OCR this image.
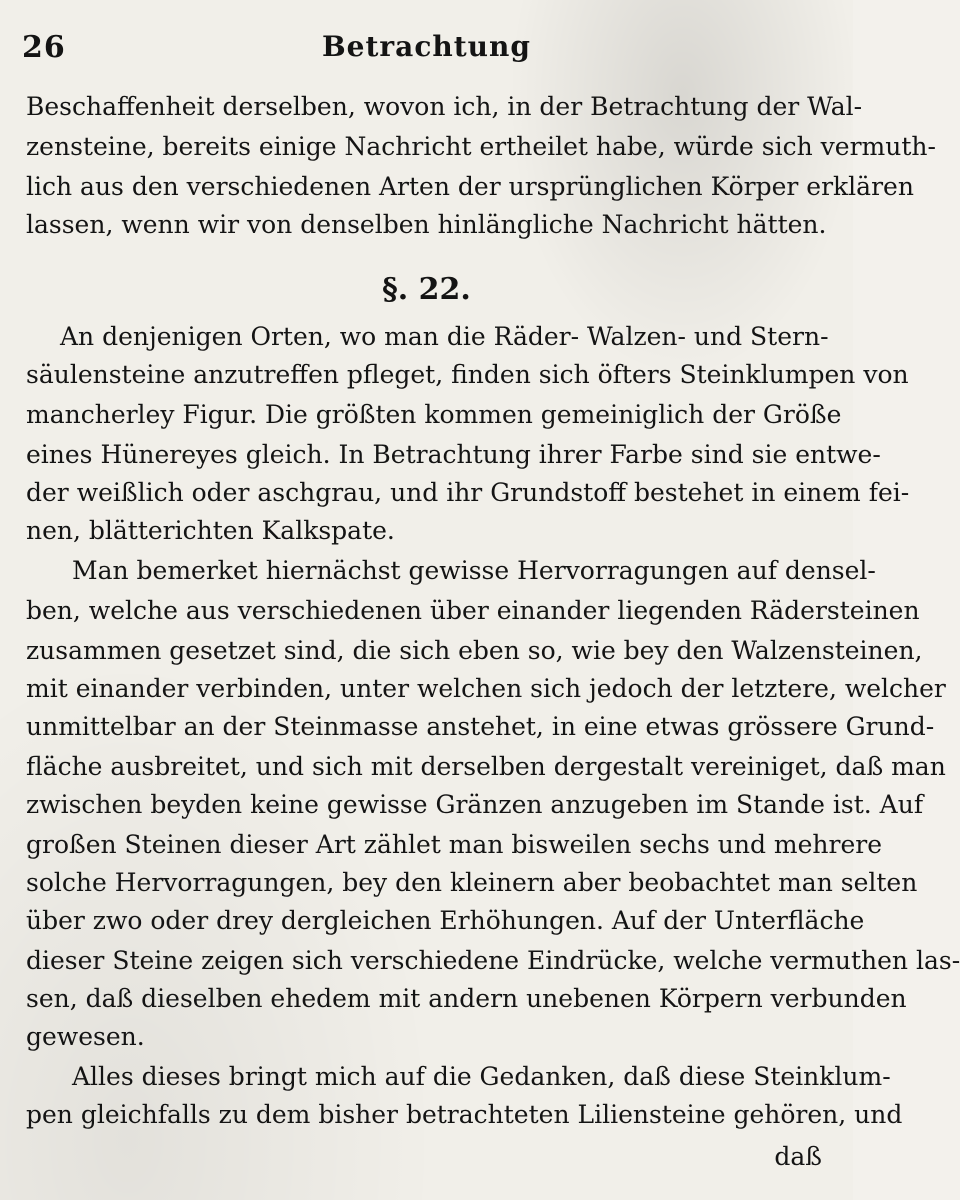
26	Betrachtung
Beschaffenheit derselben, wovon ich, in der Betrachtung der Wal-
zensteine, bereits einige Nachricht ertheilet habe, würde sich vermuth-
lich aus den verschiedenen Arten der ursprünglichen Körper erklären
lassen, wenn wir von denselben hinlängliche Nachricht hätten.
§. 22.
An denjenigen Orten, wo man die Räder- Walzen- und Stern-
säulensteine anzutreffen pfleget, finden sich öfters Steinklumpen von
mancherley Figur. Die größten kommen gemeiniglich der Größe
eines Hünereyes gleich. In Betrachtung ihrer Farbe sind sie entwe-
der weißlich oder aschgrau, und ihr Grundstoff bestehet in einem fei-
nen, blätterichten Kalkspate.
Man bemerket hiernächst gewisse Hervorragungen auf densel-
ben, welche aus verschiedenen über einander liegenden Rädersteinen
zusammen gesetzet sind, die sich eben so, wie bey den Walzensteinen,
mit einander verbinden, unter welchen sich jedoch der letztere, welcher
unmittelbar an der Steinmasse anstehet, in eine etwas grössere Grund-
fläche ausbreitet, und sich mit derselben dergestalt vereiniget, daß man
zwischen beyden keine gewisse Gränzen anzugeben im Stande ist. Auf
großen Steinen dieser Art zählet man bisweilen sechs und mehrere
solche Hervorragungen, bey den kleinern aber beobachtet man selten
über zwo oder drey dergleichen Erhöhungen. Auf der Unterfläche
dieser Steine zeigen sich verschiedene Eindrücke, welche vermuthen las-
sen, daß dieselben ehedem mit andern unebenen Körpern verbunden
gewesen.
Alles dieses bringt mich auf die Gedanken, daß diese Steinklum-
pen gleichfalls zu dem bisher betrachteten Liliensteine gehören, und
daß
